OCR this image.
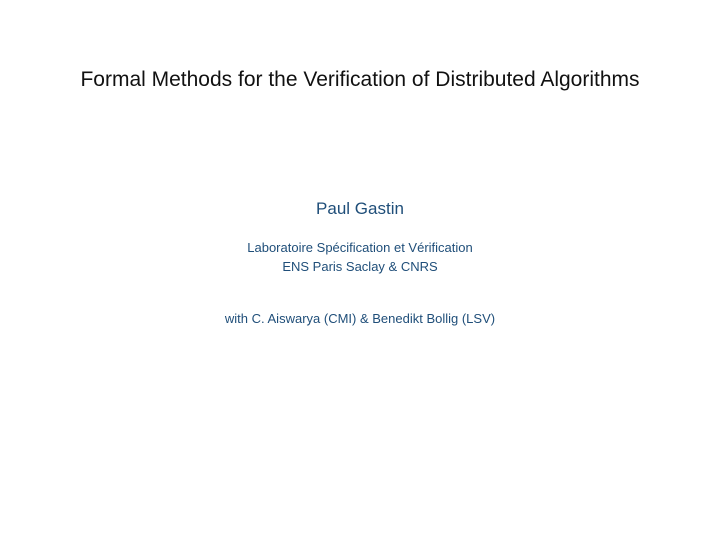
Formal Methods for the Verification of Distributed Algorithms
Paul Gastin
Laboratoire Spécification et Vérification
ENS Paris Saclay & CNRS
with C. Aiswarya (CMI) & Benedikt Bollig (LSV)
